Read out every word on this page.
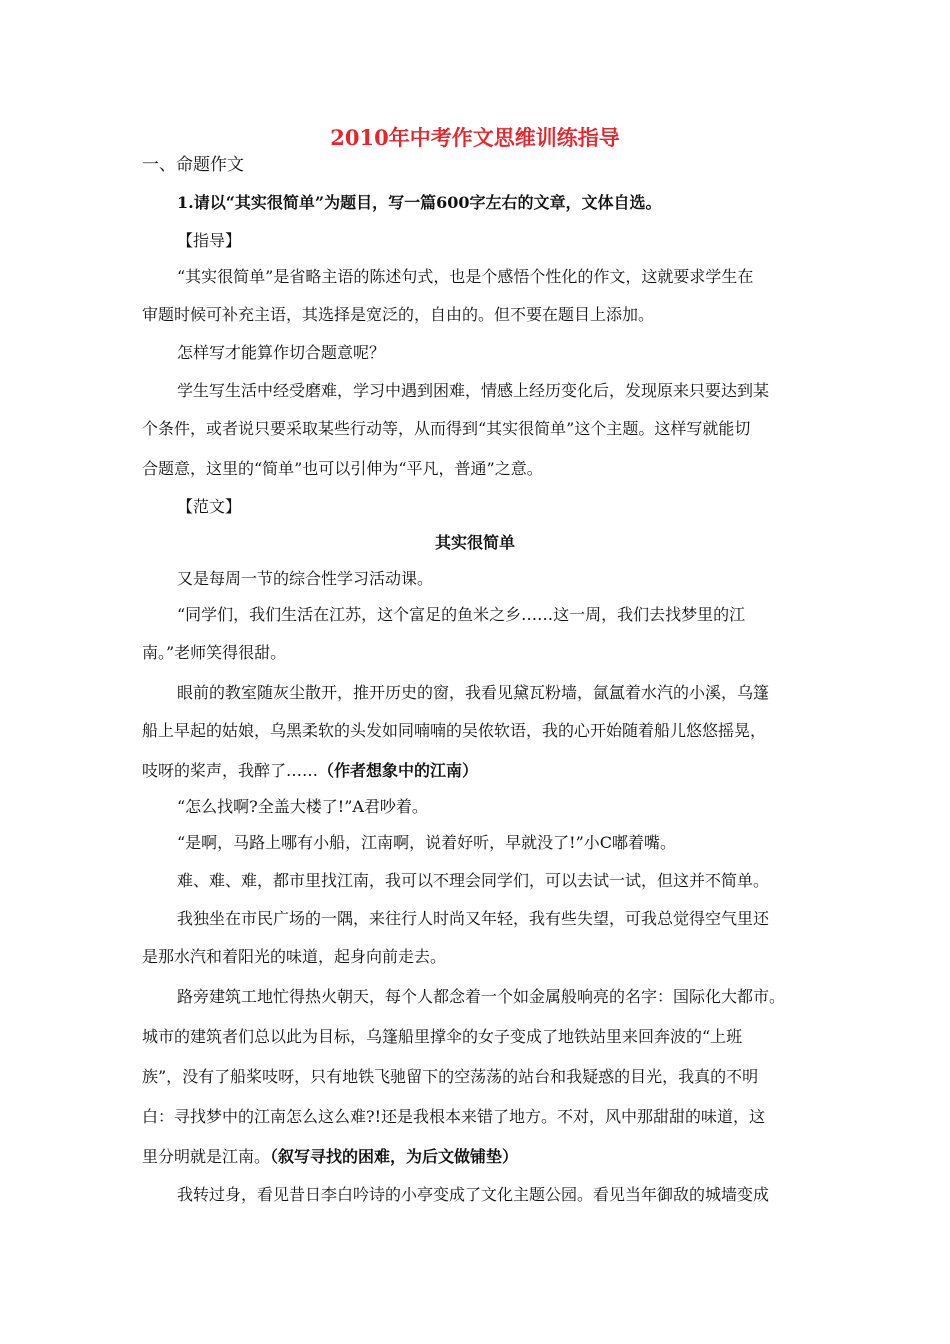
2010年中考作文思维训练指导
一、命题作文
1.请以“其实很简单”为题目，写一篇600字左右的文章，文体自选。
【指导】
“其实很简单”是省略主语的陈述句式，也是个感悟个性化的作文，这就要求学生在
审题时候可补充主语，其选择是宽泛的，自由的。但不要在题目上添加。
怎样写才能算作切合题意呢？
学生写生活中经受磨难，学习中遇到困难，情感上经历变化后，发现原来只要达到某
个条件，或者说只要采取某些行动等，从而得到“其实很简单”这个主题。这样写就能切
合题意，这里的“简单”也可以引伸为“平凡，普通”之意。
【范文】
其实很简单
又是每周一节的综合性学习活动课。
“同学们，我们生活在江苏，这个富足的鱼米之乡……这一周，我们去找梦里的江
南。”老师笑得很甜。
眼前的教室随灰尘散开，推开历史的窗，我看见黛瓦粉墙，氤氲着水汽的小溪，乌篷
船上早起的姑娘，乌黑柔软的头发如同喃喃的吴侬软语，我的心开始随着船儿悠悠摇晃，
吱呀的桨声，我醉了……（作者想象中的江南）
“怎么找啊?全盖大楼了!”A君吵着。
“是啊，马路上哪有小船，江南啊，说着好听，早就没了!”小C嘟着嘴。
难、难、难，都市里找江南，我可以不理会同学们，可以去试一试，但这并不简单。
我独坐在市民广场的一隅，来往行人时尚又年轻，我有些失望，可我总觉得空气里还
是那水汽和着阳光的味道，起身向前走去。
路旁建筑工地忙得热火朝天，每个人都念着一个如金属般响亮的名字：国际化大都市。
城市的建筑者们总以此为目标，乌篷船里撑伞的女子变成了地铁站里来回奔波的“上班
族”，没有了船桨吱呀，只有地铁飞驰留下的空荡荡的站台和我疑惑的目光，我真的不明
白：寻找梦中的江南怎么这么难?!还是我根本来错了地方。不对，风中那甜甜的味道，这
里分明就是江南。（叙写寻找的困难，为后文做铺垫）
我转过身，看见昔日李白吟诗的小亭变成了文化主题公园。看见当年御敌的城墙变成
